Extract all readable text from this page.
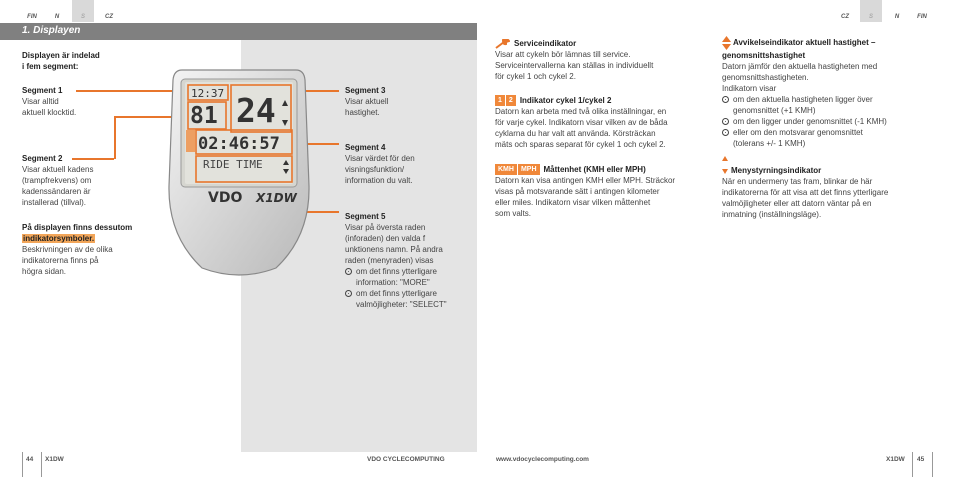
FIN	N	S	CZ	CZ	S	N	FIN
1. Displayen
Displayen är indelad
i fem segment:
Segment 1
Visar alltid
aktuell klocktid.
Segment 2
Visar aktuell kadens
(trampfrekvens) om
kadenssändaren är
installerad (tillval).
På displayen finns dessutom
indikatorsymboler.
Beskrivningen av de olika
indikatorerna finns på
högra sidan.
VDO X1DW
12:37 24
81
02:46:57
RIDE TIME
Segment 3
Visar aktuell
hastighet.
Segment 4
Visar värdet för den
visningsfunktion/
information du valt.
Segment 5
Visar på översta raden
(inforaden) den valda f
unktionens namn. På andra
raden (menyraden) visas
om det finns ytterligare
information: "MORE"
om det finns ytterligare
valmöjligheter: "SELECT"
Serviceindikator
Visar att cykeln bör lämnas till service.
Serviceintervallerna kan ställas in individuellt
för cykel 1 och cykel 2.
1 2 Indikator cykel 1/cykel 2
Datorn kan arbeta med två olika inställningar, en
för varje cykel. Indikatorn visar vilken av de båda
cyklarna du har valt att använda. Körsträckan
mäts och sparas separat för cykel 1 och cykel 2.
KMH MPH Måttenhet (KMH eller MPH)
Datorn kan visa antingen KMH eller MPH. Sträckor
visas på motsvarande sätt i antingen kilometer
eller miles. Indikatorn visar vilken måttenhet
som valts.
Avvikelseindikator aktuell hastighet –
genomsnittshastighet
Datorn jämför den aktuella hastigheten med
genomsnittshastigheten.
Indikatorn visar
om den aktuella hastigheten ligger över
genomsnittet (+1 KMH)
om den ligger under genomsnittet (-1 KMH)
eller om den motsvarar genomsnittet
(tolerans +/- 1 KMH)
Menystyrningsindikator
När en undermeny tas fram, blinkar de här
indikatorerna för att visa att det finns ytterligare
valmöjligheter eller att datorn väntar på en
inmatning (inställningsläge).
44 X1DW	VDO CYCLECOMPUTING	www.vdocyclecomputing.com	X1DW 45
